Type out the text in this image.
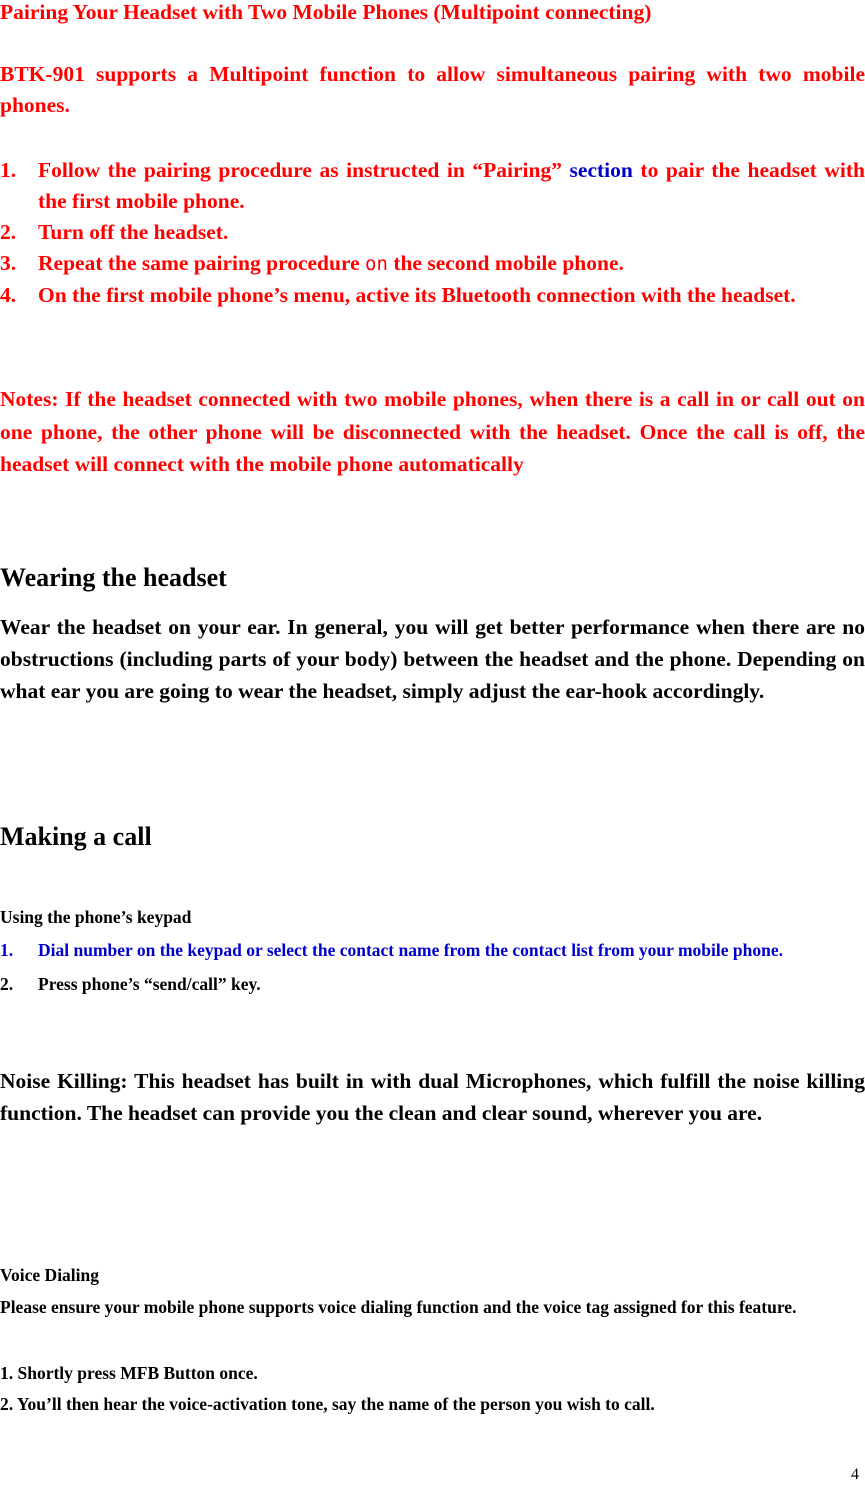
Pairing Your Headset with Two Mobile Phones (Multipoint connecting)
BTK-901 supports a Multipoint function to allow simultaneous pairing with two mobile phones.
1. Follow the pairing procedure as instructed in “Pairing” section to pair the headset with the first mobile phone.
2. Turn off the headset.
3. Repeat the same pairing procedure on the second mobile phone.
4. On the first mobile phone’s menu, active its Bluetooth connection with the headset.
Notes: If the headset connected with two mobile phones, when there is a call in or call out on one phone, the other phone will be disconnected with the headset. Once the call is off, the headset will connect with the mobile phone automatically
Wearing the headset
Wear the headset on your ear. In general, you will get better performance when there are no obstructions (including parts of your body) between the headset and the phone. Depending on what ear you are going to wear the headset, simply adjust the ear-hook accordingly.
Making a call
Using the phone’s keypad
1. Dial number on the keypad or select the contact name from the contact list from your mobile phone.
2. Press phone’s “send/call” key.
Noise Killing: This headset has built in with dual Microphones, which fulfill the noise killing function. The headset can provide you the clean and clear sound, wherever you are.
Voice Dialing
Please ensure your mobile phone supports voice dialing function and the voice tag assigned for this feature.
1. Shortly press MFB Button once.
2. You’ll then hear the voice-activation tone, say the name of the person you wish to call.
4
